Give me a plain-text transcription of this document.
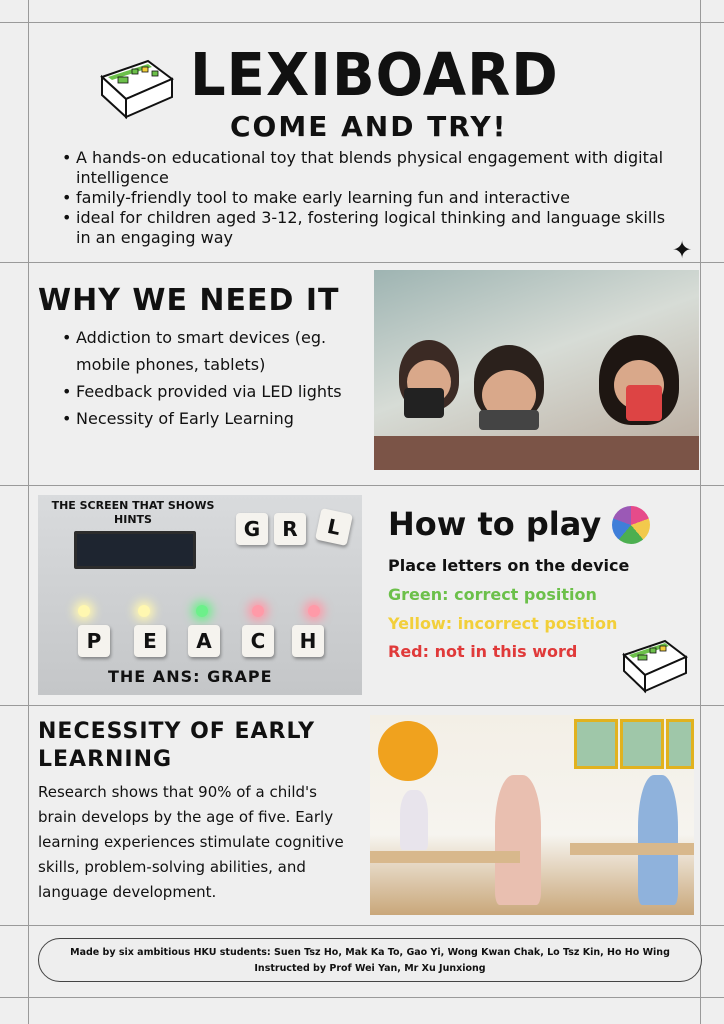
LEXIBOARD
COME AND TRY!
• A hands-on educational toy that blends physical engagement with digital intelligence
• family-friendly tool to make early learning fun and interactive
• ideal for children aged 3-12, fostering logical thinking and language skills in an engaging way	✦
WHY WE NEED IT
• Addiction to smart devices (eg. mobile phones, tablets)
• Feedback provided via LED lights
• Necessity of Early Learning
THE SCREEN THAT SHOWS HINTS	G	R	L
P	E	A	C	H
THE ANS: GRAPE
How to play
Place letters on the device
Green: correct position
Yellow: incorrect position
Red: not in this word
NECESSITY OF EARLY LEARNING
Research shows that 90% of a child's brain develops by the age of five. Early learning experiences stimulate cognitive skills, problem-solving abilities, and language development.
Made by six ambitious HKU students: Suen Tsz Ho, Mak Ka To, Gao Yi, Wong Kwan Chak, Lo Tsz Kin, Ho Ho Wing
Instructed by Prof Wei Yan, Mr Xu Junxiong
